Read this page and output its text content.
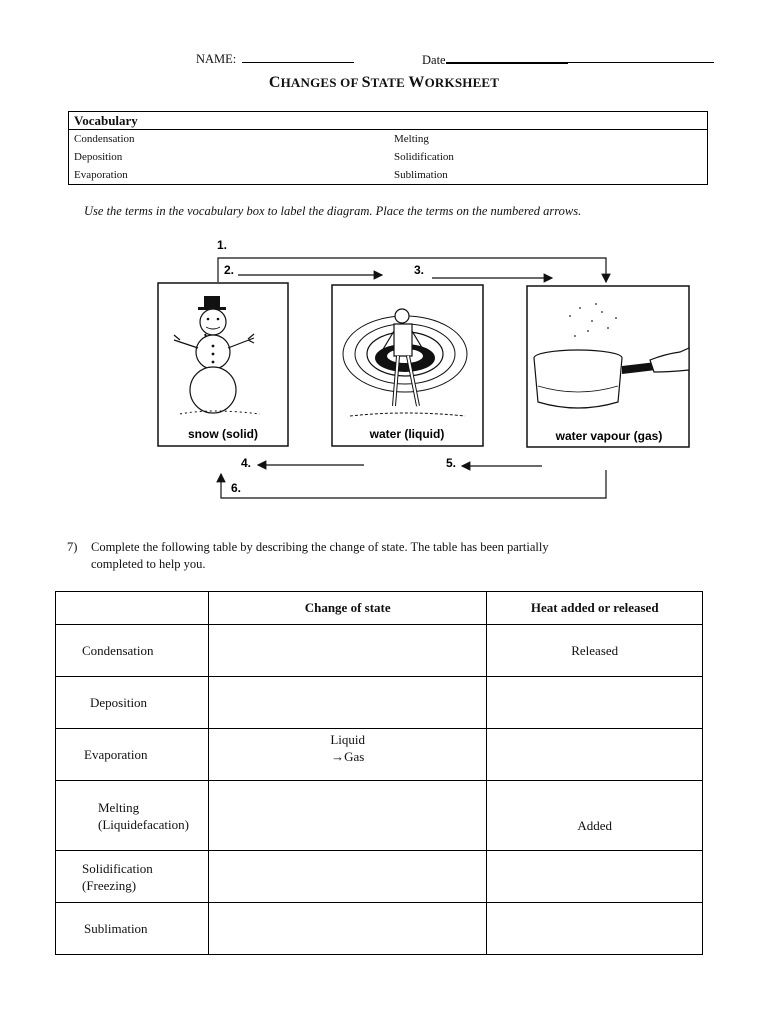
NAME:	Date
CHANGES OF STATE WORKSHEET
Vocabulary
Condensation	Melting
Deposition	Solidification
Evaporation	Sublimation
Use the terms in the vocabulary box to label the diagram. Place the terms on the numbered arrows.
1.
2.	3.
4.	5.
6.
snow (solid)	water (liquid)	water vapour (gas)
7) Complete the following table by describing the change of state. The table has been partially
completed to help you.
	Change of state	Heat added or released
Condensation		Released
Deposition		
Evaporation	Liquid
→Gas	

Melting
(Liquidefacation)		Added
Solidification
(Freezing)		
Sublimation		
